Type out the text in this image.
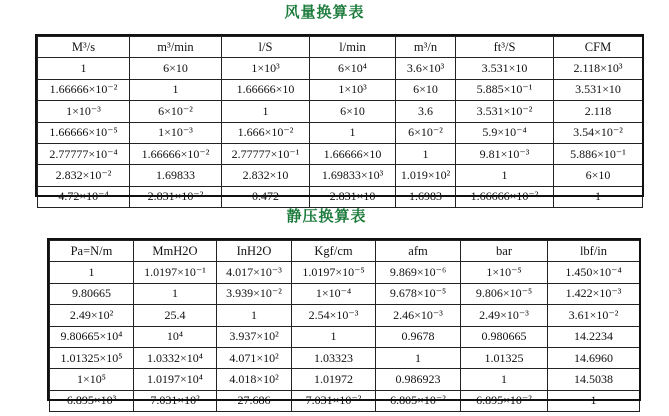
风量换算表
M³/s	m³/min	l/S	l/min	m³/n	ft³/S	CFM
1	6×10	1×10³	6×10⁴	3.6×10³	3.531×10	2.118×10³
1.66666×10⁻²	1	1.66666×10	1×10³	6×10	5.885×10⁻¹	3.531×10
1×10⁻³	6×10⁻²	1	6×10	3.6	3.531×10⁻²	2.118
1.66666×10⁻⁵	1×10⁻³	1.666×10⁻²	1	6×10⁻²	5.9×10⁻⁴	3.54×10⁻²
2.77777×10⁻⁴	1.66666×10⁻²	2.77777×10⁻¹	1.66666×10	1	9.81×10⁻³	5.886×10⁻¹
2.832×10⁻²	1.69833	2.832×10	1.69833×10³	1.019×10²	1	6×10
4.72×10⁻⁴	2.831×10⁻²	0.472	2.831×10	1.6983	1.66666×10⁻²	1
静压换算表
Pa=N/m	MmH2O	InH2O	Kgf/cm	afm	bar	lbf/in
1	1.0197×10⁻¹	4.017×10⁻³	1.0197×10⁻⁵	9.869×10⁻⁶	1×10⁻⁵	1.450×10⁻⁴
9.80665	1	3.939×10⁻²	1×10⁻⁴	9.678×10⁻⁵	9.806×10⁻⁵	1.422×10⁻³
2.49×10²	25.4	1	2.54×10⁻³	2.46×10⁻³	2.49×10⁻³	3.61×10⁻²
9.80665×10⁴	10⁴	3.937×10²	1	0.9678	0.980665	14.2234
1.01325×10⁵	1.0332×10⁴	4.071×10²	1.03323	1	1.01325	14.6960
1×10⁵	1.0197×10⁴	4.018×10²	1.01972	0.986923	1	14.5038
6.895×10³	7.031×10²	27.686	7.031×10⁻²	6.805×10⁻²	6.895×10⁻²	1
